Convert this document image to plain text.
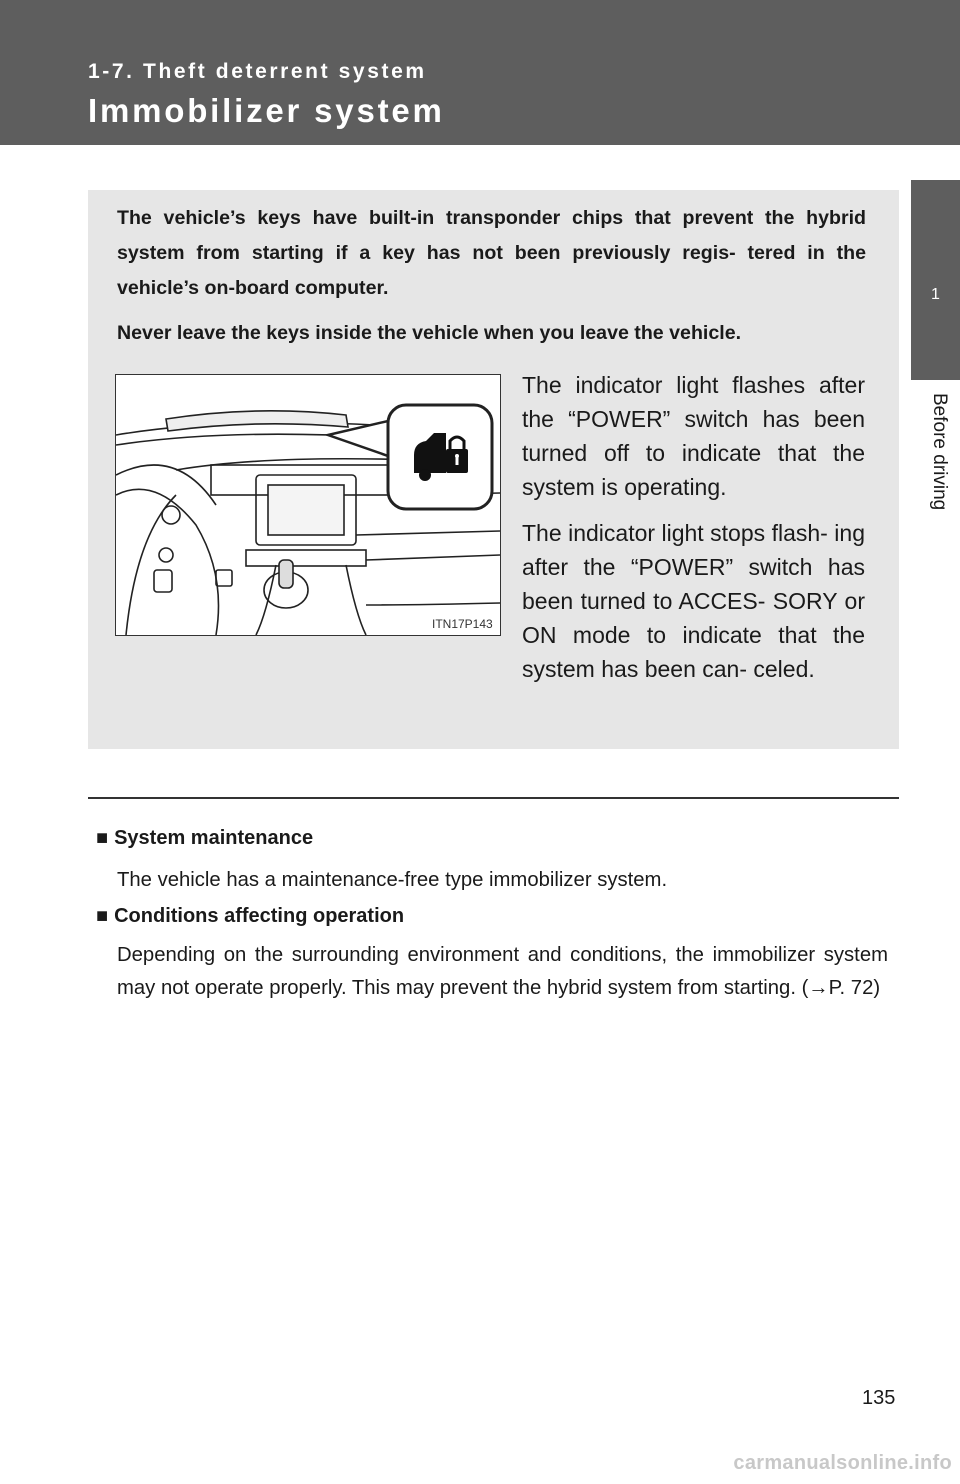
1-7. Theft deterrent system
Immobilizer system
1
Before driving

The vehicle’s keys have built-in transponder chips that prevent the hybrid system from starting if a key has not been previously regis- tered in the vehicle’s on-board computer.

Never leave the keys inside the vehicle when you leave the vehicle.

ITN17P143

The indicator light flashes after the “POWER” switch has been turned off to indicate that the system is operating.

The indicator light stops flash- ing after the “POWER” switch has been turned to ACCES- SORY or ON mode to indicate that the system has been can- celed.

■ System maintenance

The vehicle has a maintenance-free type immobilizer system.

■ Conditions affecting operation

Depending on the surrounding environment and conditions, the immobilizer system may not operate properly. This may prevent the hybrid system from starting. (→P. 72)

135
carmanualsonline.info
